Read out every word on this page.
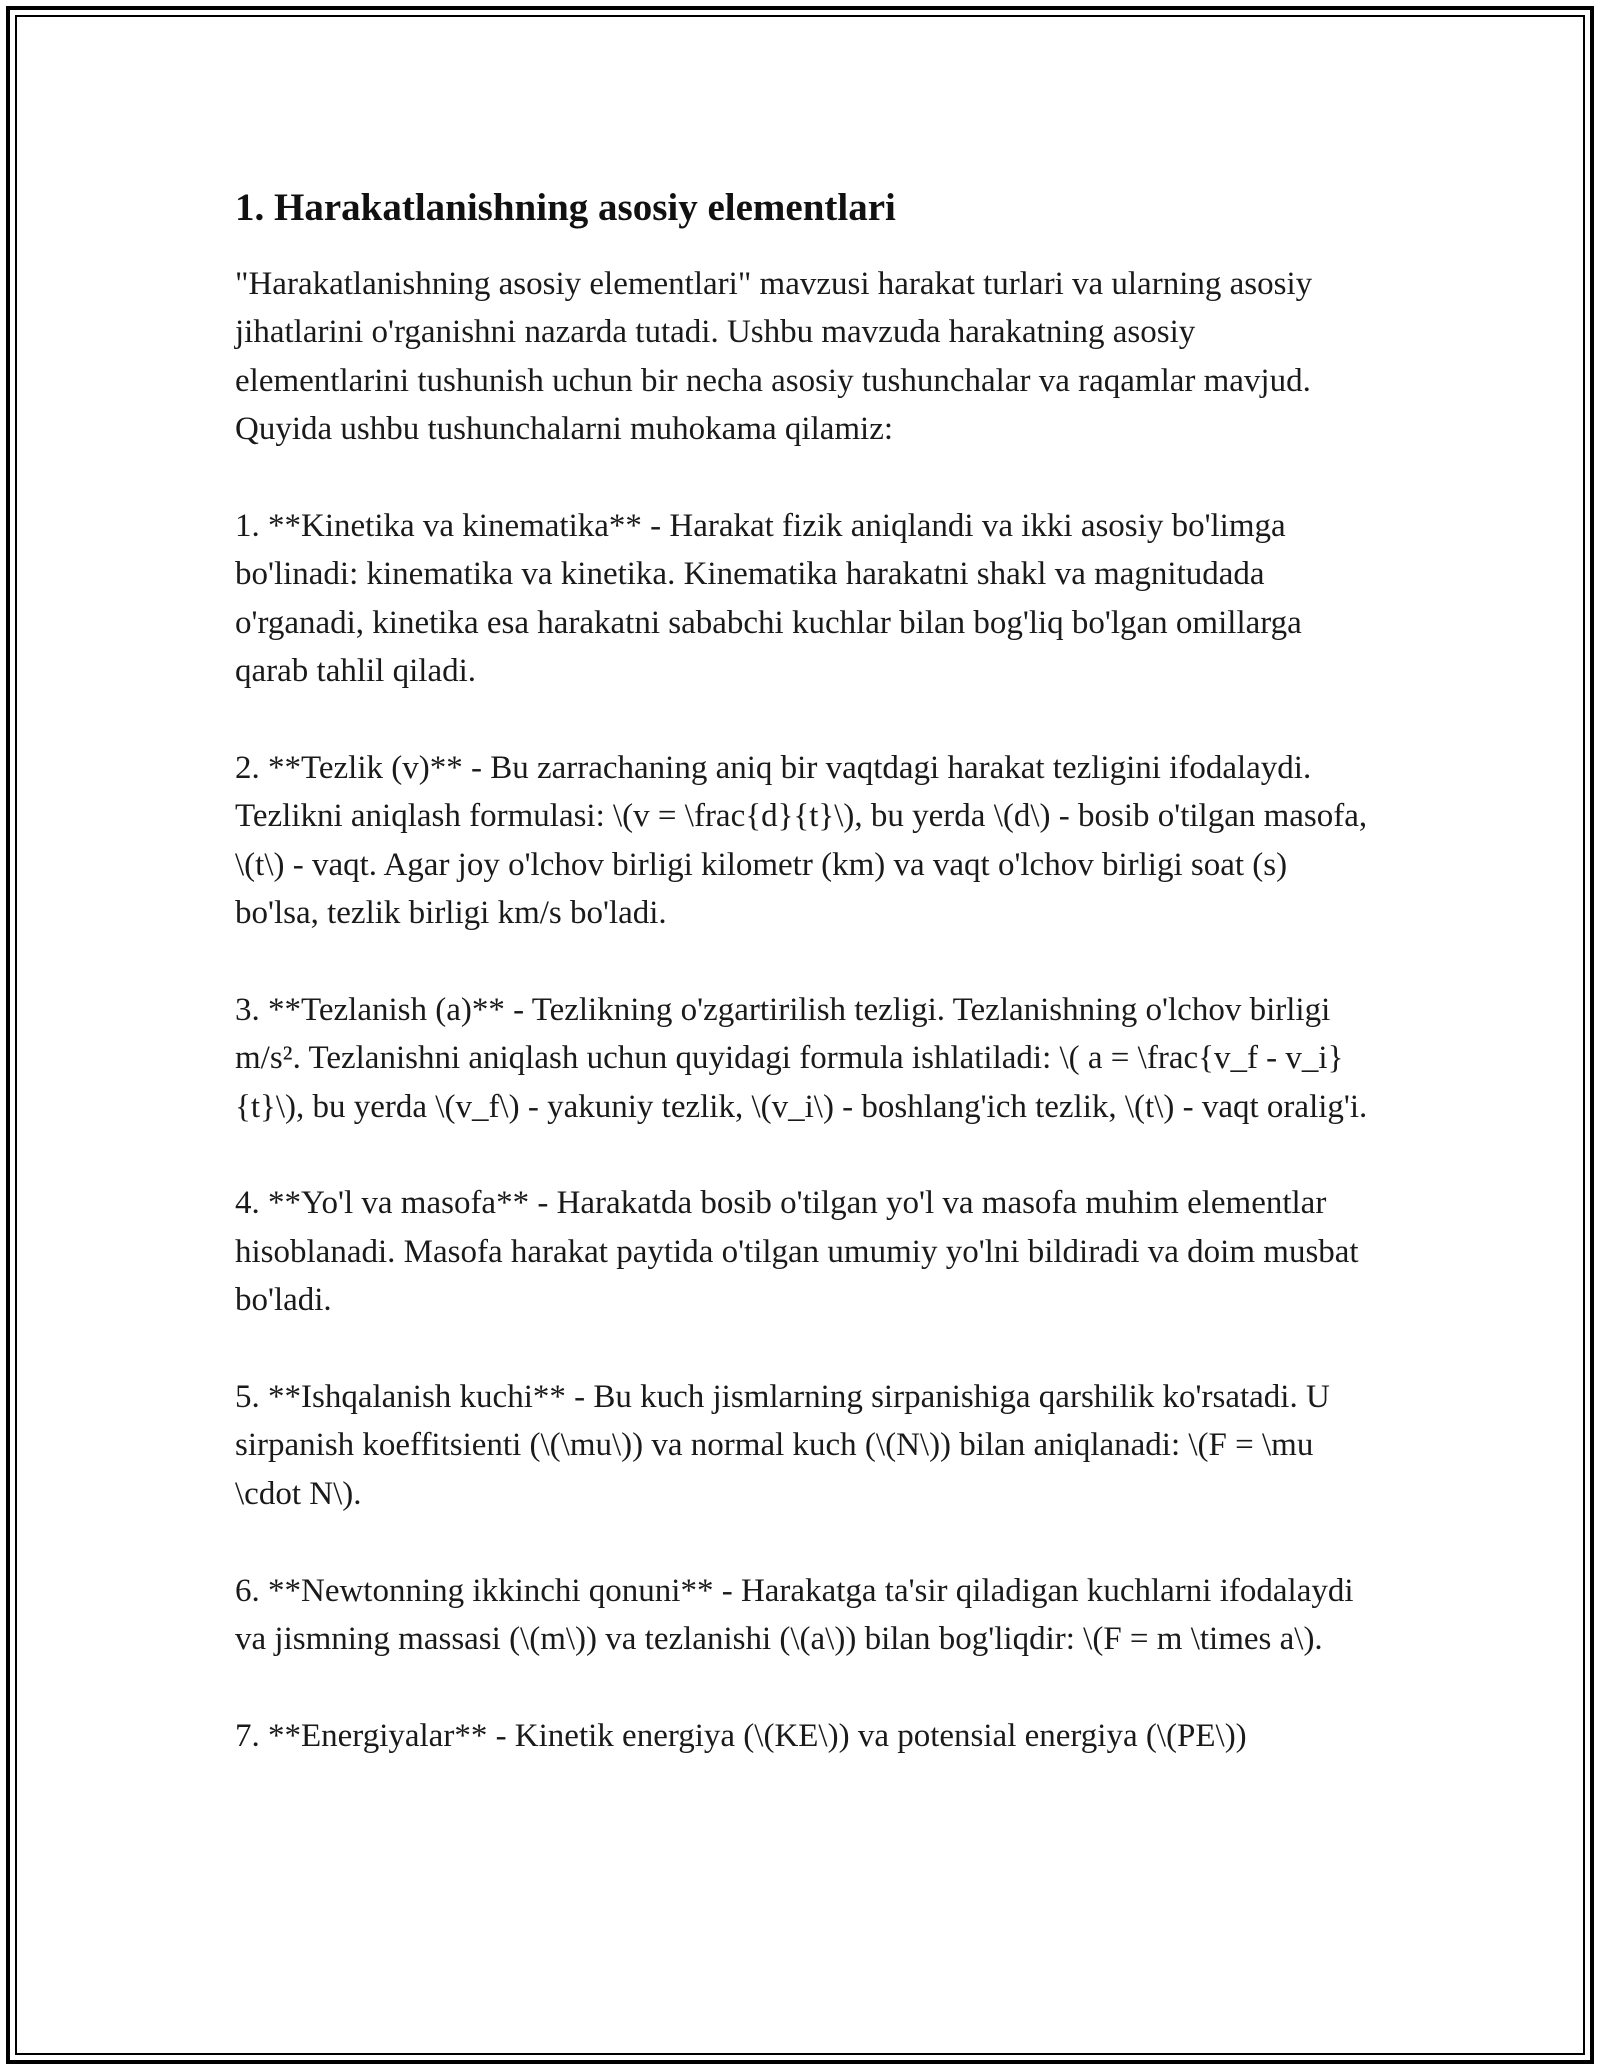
1. Harakatlanishning asosiy elementlari

"Harakatlanishning asosiy elementlari" mavzusi harakat turlari va ularning asosiy jihatlarini o'rganishni nazarda tutadi. Ushbu mavzuda harakatning asosiy elementlarini tushunish uchun bir necha asosiy tushunchalar va raqamlar mavjud. Quyida ushbu tushunchalarni muhokama qilamiz:

1. **Kinetika va kinematika** - Harakat fizik aniqlandi va ikki asosiy bo'limga bo'linadi: kinematika va kinetika. Kinematika harakatni shakl va magnitudada o'rganadi, kinetika esa harakatni sababchi kuchlar bilan bog'liq bo'lgan omillarga qarab tahlil qiladi.

2. **Tezlik (v)** - Bu zarrachaning aniq bir vaqtdagi harakat tezligini ifodalaydi. Tezlikni aniqlash formulasi: \(v = \frac{d}{t}\), bu yerda \(d\) - bosib o'tilgan masofa, \(t\) - vaqt. Agar joy o'lchov birligi kilometr (km) va vaqt o'lchov birligi soat (s) bo'lsa, tezlik birligi km/s bo'ladi.

3. **Tezlanish (a)** - Tezlikning o'zgartirilish tezligi. Tezlanishning o'lchov birligi m/s². Tezlanishni aniqlash uchun quyidagi formula ishlatiladi: \( a = \frac{v_f - v_i}{t}\), bu yerda \(v_f\) - yakuniy tezlik, \(v_i\) - boshlang'ich tezlik, \(t\) - vaqt oralig'i.

4. **Yo'l va masofa** - Harakatda bosib o'tilgan yo'l va masofa muhim elementlar hisoblanadi. Masofa harakat paytida o'tilgan umumiy yo'lni bildiradi va doim musbat bo'ladi.

5. **Ishqalanish kuchi** - Bu kuch jismlarning sirpanishiga qarshilik ko'rsatadi. U sirpanish koeffitsienti (\(\mu\)) va normal kuch (\(N\)) bilan aniqlanadi: \(F = \mu \cdot N\).

6. **Newtonning ikkinchi qonuni** - Harakatga ta'sir qiladigan kuchlarni ifodalaydi va jismning massasi (\(m\)) va tezlanishi (\(a\)) bilan bog'liqdir: \(F = m \times a\).

7. **Energiyalar** - Kinetik energiya (\(KE\)) va potensial energiya (\(PE\))
